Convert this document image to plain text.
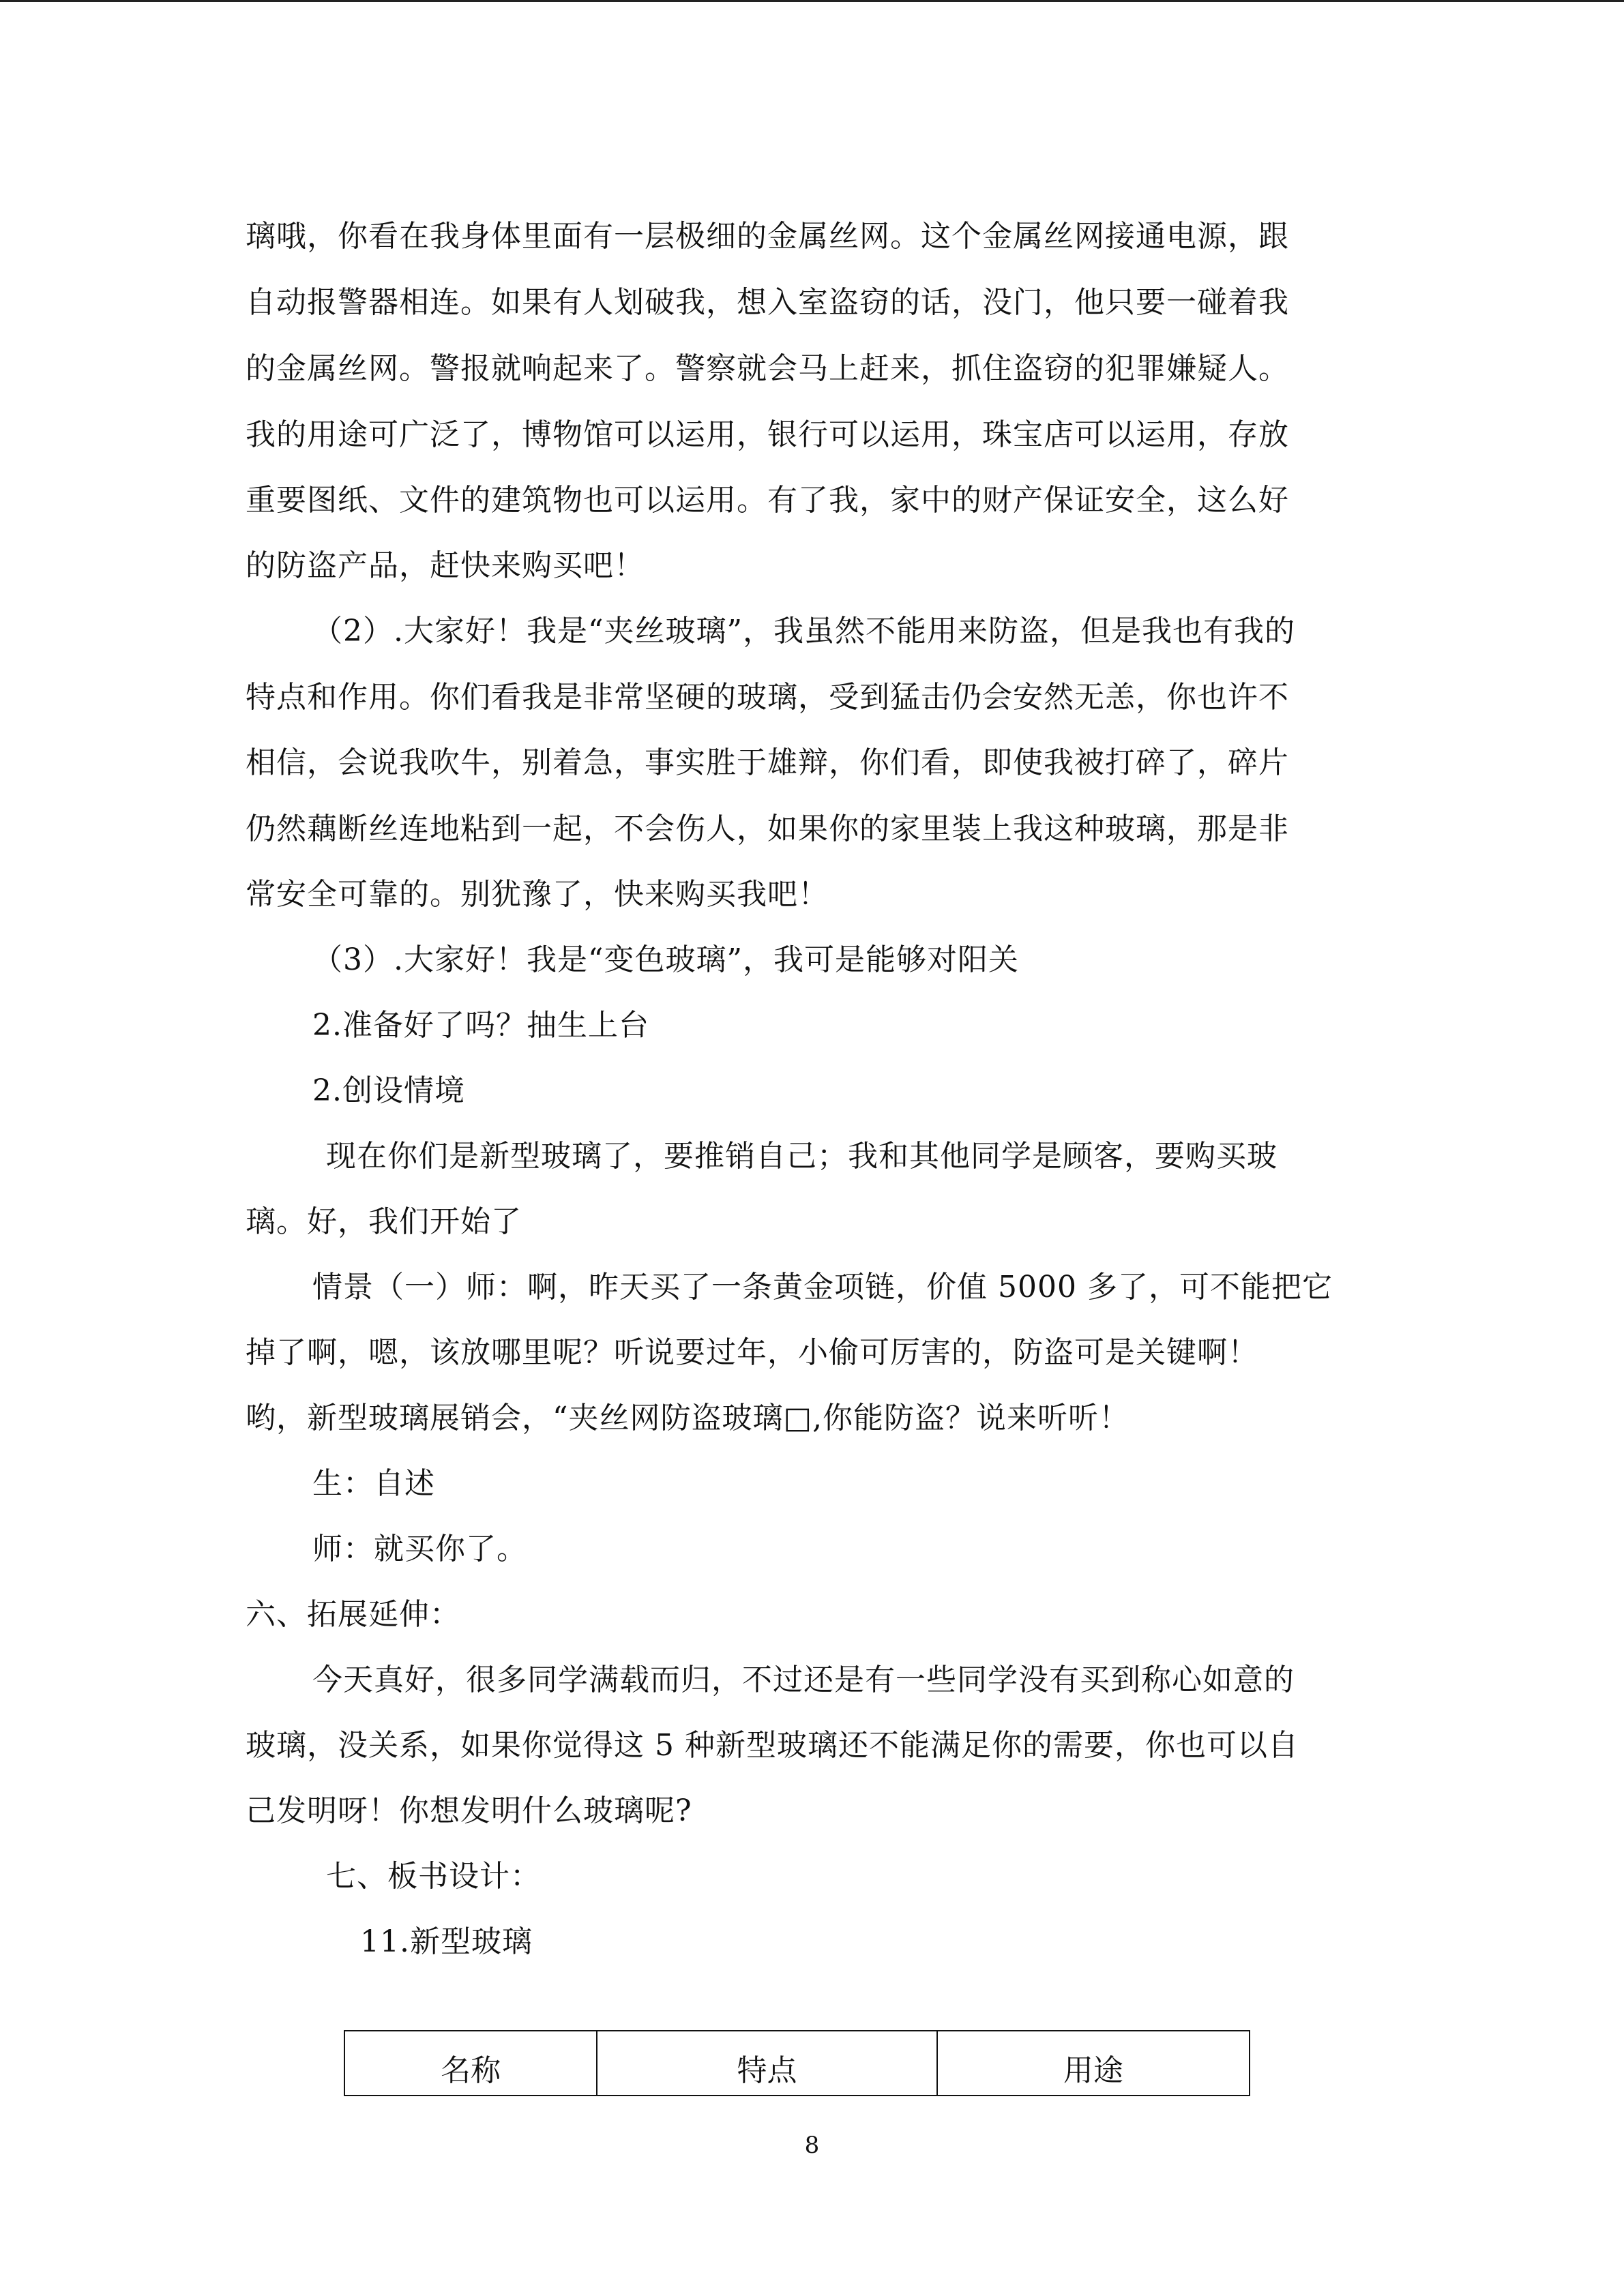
璃哦，你看在我身体里面有一层极细的金属丝网。这个金属丝网接通电源，跟
自动报警器相连。如果有人划破我，想入室盗窃的话，没门，他只要一碰着我
的金属丝网。警报就响起来了。警察就会马上赶来，抓住盗窃的犯罪嫌疑人。
我的用途可广泛了，博物馆可以运用，银行可以运用，珠宝店可以运用，存放
重要图纸、文件的建筑物也可以运用。有了我，家中的财产保证安全，这么好
的防盗产品，赶快来购买吧！
（2）.大家好！我是“夹丝玻璃”，我虽然不能用来防盗，但是我也有我的
特点和作用。你们看我是非常坚硬的玻璃，受到猛击仍会安然无恙，你也许不
相信，会说我吹牛，别着急，事实胜于雄辩，你们看，即使我被打碎了，碎片
仍然藕断丝连地粘到一起，不会伤人，如果你的家里装上我这种玻璃，那是非
常安全可靠的。别犹豫了，快来购买我吧！
（3）.大家好！我是“变色玻璃”，我可是能够对阳关
2.准备好了吗？抽生上台
2.创设情境
现在你们是新型玻璃了，要推销自己；我和其他同学是顾客，要购买玻
璃。好，我们开始了
情景（一）师：啊，昨天买了一条黄金项链，价值 5000 多了，可不能把它
掉了啊，嗯，该放哪里呢？听说要过年，小偷可厉害的，防盗可是关键啊！
哟，新型玻璃展销会，“夹丝网防盗玻璃□,你能防盗？说来听听！
生：自述
师：就买你了。
六、拓展延伸：
今天真好，很多同学满载而归，不过还是有一些同学没有买到称心如意的
玻璃，没关系，如果你觉得这 5 种新型玻璃还不能满足你的需要，你也可以自
己发明呀！你想发明什么玻璃呢?
七、板书设计：
11.新型玻璃
名称	特点	用途
8
